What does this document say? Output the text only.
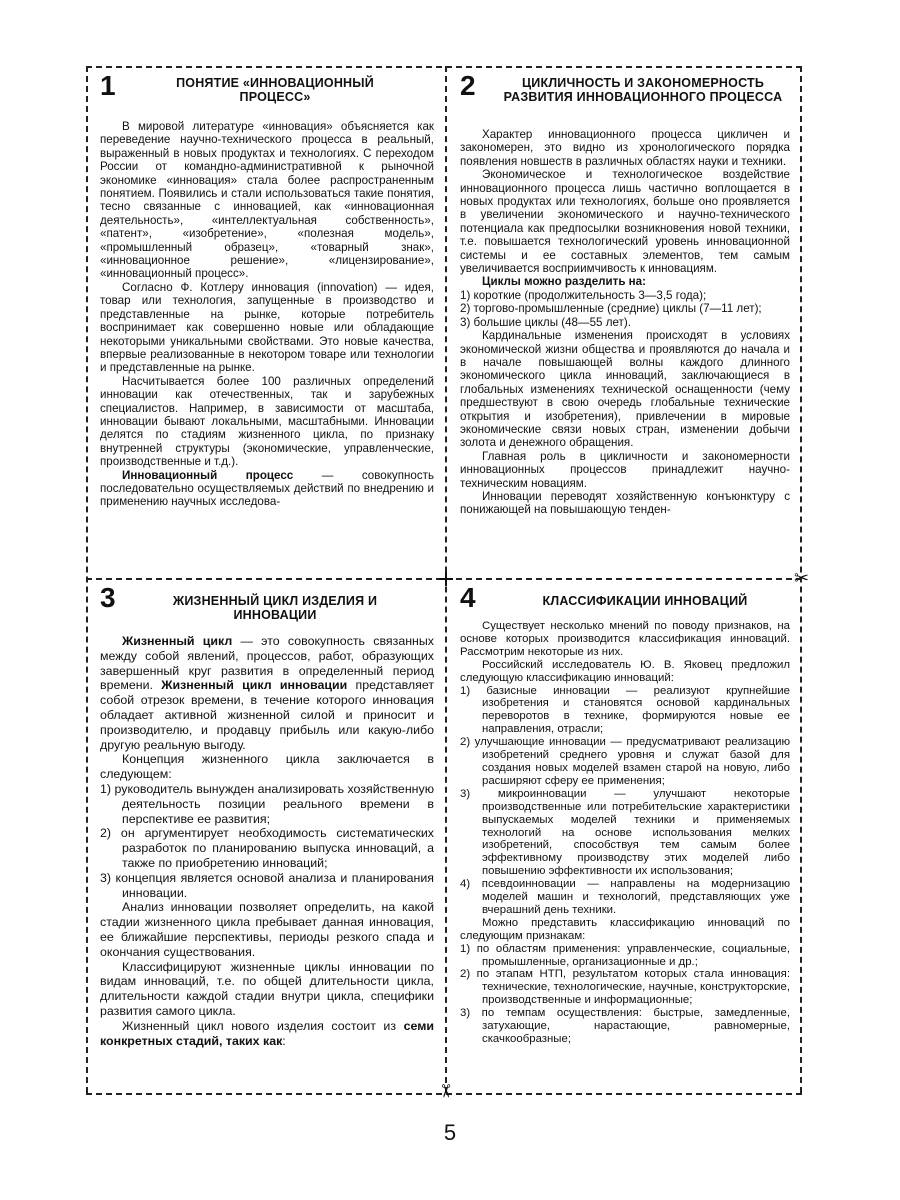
✂
✂
1	ПОНЯТИЕ «ИННОВАЦИОННЫЙ ПРОЦЕСС»

В мировой литературе «инновация» объясняется как переведение научно-технического процесса в реальный, выраженный в новых продуктах и технологиях. С переходом России от командно-административной к рыночной экономике «инновация» стала более распространенным понятием. Появились и стали использоваться такие понятия, тесно связанные с инновацией, как «инновационная деятельность», «интеллектуальная собственность», «патент», «изобретение», «полезная модель», «промышленный образец», «товарный знак», «инновационное решение», «лицензирование», «инновационный процесс».

Согласно Ф. Котлеру инновация (innovation) — идея, товар или технология, запущенные в производство и представленные на рынке, которые потребитель воспринимает как совершенно новые или обладающие некоторыми уникальными свойствами. Это новые качества, впервые реализованные в некотором товаре или технологии и представленные на рынке.

Насчитывается более 100 различных определений инновации как отечественных, так и зарубежных специалистов. Например, в зависимости от масштаба, инновации бывают локальными, масштабными. Инновации делятся по стадиям жизненного цикла, по признаку внутренней структуры (экономические, управленческие, производственные и т.д.).

Инновационный процесс — совокупность последовательно осуществляемых действий по внедрению и применению научных исследова-

2	ЦИКЛИЧНОСТЬ И ЗАКОНОМЕРНОСТЬ РАЗВИТИЯ ИННОВАЦИОННОГО ПРОЦЕССА

Характер инновационного процесса цикличен и закономерен, это видно из хронологического порядка появления новшеств в различных областях науки и техники.

Экономическое и технологическое воздействие инновационного процесса лишь частично воплощается в новых продуктах или технологиях, больше оно проявляется в увеличении экономического и научно-технического потенциала как предпосылки возникновения новой техники, т.е. повышается технологический уровень инновационной системы и ее составных элементов, тем самым увеличивается восприимчивость к инновациям.

Циклы можно разделить на:

1) короткие (продолжительность 3—3,5 года);

2) торгово-промышленные (средние) циклы (7—11 лет);

3) большие циклы (48—55 лет).

Кардинальные изменения происходят в условиях экономической жизни общества и проявляются до начала и в начале повышающей волны каждого длинного экономического цикла инноваций, заключающиеся в глобальных изменениях технической оснащенности (чему предшествуют в свою очередь глобальные технические открытия и изобретения), привлечении в мировые экономические связи новых стран, изменении добычи золота и денежного обращения.

Главная роль в цикличности и закономерности инновационных процессов принадлежит научно-техническим новациям.

Инновации переводят хозяйственную конъюнктуру с понижающей на повышающую тенден-

3	ЖИЗНЕННЫЙ ЦИКЛ ИЗДЕЛИЯ И ИННОВАЦИИ

Жизненный цикл — это совокупность связанных между собой явлений, процессов, работ, образующих завершенный круг развития в определенный период времени. Жизненный цикл инновации представляет собой отрезок времени, в течение которого инновация обладает активной жизненной силой и приносит и производителю, и продавцу прибыль или какую-либо другую реальную выгоду.

Концепция жизненного цикла заключается в следующем:

1) руководитель вынужден анализировать хозяйственную деятельность позиции реального времени в перспективе ее развития;

2) он аргументирует необходимость систематических разработок по планированию выпуска инноваций, а также по приобретению инноваций;

3) концепция является основой анализа и планирования инновации.

Анализ инновации позволяет определить, на какой стадии жизненного цикла пребывает данная инновация, ее ближайшие перспективы, периоды резкого спада и окончания существования.

Классифицируют жизненные циклы инновации по видам инноваций, т.е. по общей длительности цикла, длительности каждой стадии внутри цикла, специфики развития самого цикла.

Жизненный цикл нового изделия состоит из семи конкретных стадий, таких как:

4	КЛАССИФИКАЦИИ ИННОВАЦИЙ

Существует несколько мнений по поводу признаков, на основе которых производится классификация инноваций. Рассмотрим некоторые из них.

Российский исследователь Ю. В. Яковец предложил следующую классификацию инноваций:

1) базисные инновации — реализуют крупнейшие изобретения и становятся основой кардинальных переворотов в технике, формируются новые ее направления, отрасли;

2) улучшающие инновации — предусматривают реализацию изобретений среднего уровня и служат базой для создания новых моделей взамен старой на новую, либо расширяют сферу ее применения;

3) микроинновации — улучшают некоторые производственные или потребительские характеристики выпускаемых моделей техники и применяемых технологий на основе использования мелких изобретений, способствуя тем самым более эффективному производству этих моделей либо повышению эффективности их использования;

4) псевдоинновации — направлены на модернизацию моделей машин и технологий, представляющих уже вчерашний день техники.

Можно представить классификацию инноваций по следующим признакам:

1) по областям применения: управленческие, социальные, промышленные, организационные и др.;

2) по этапам НТП, результатом которых стала инновация: технические, технологические, научные, конструкторские, производственные и информационные;

3) по темпам осуществления: быстрые, замедленные, затухающие, нарастающие, равномерные, скачкообразные;

5
